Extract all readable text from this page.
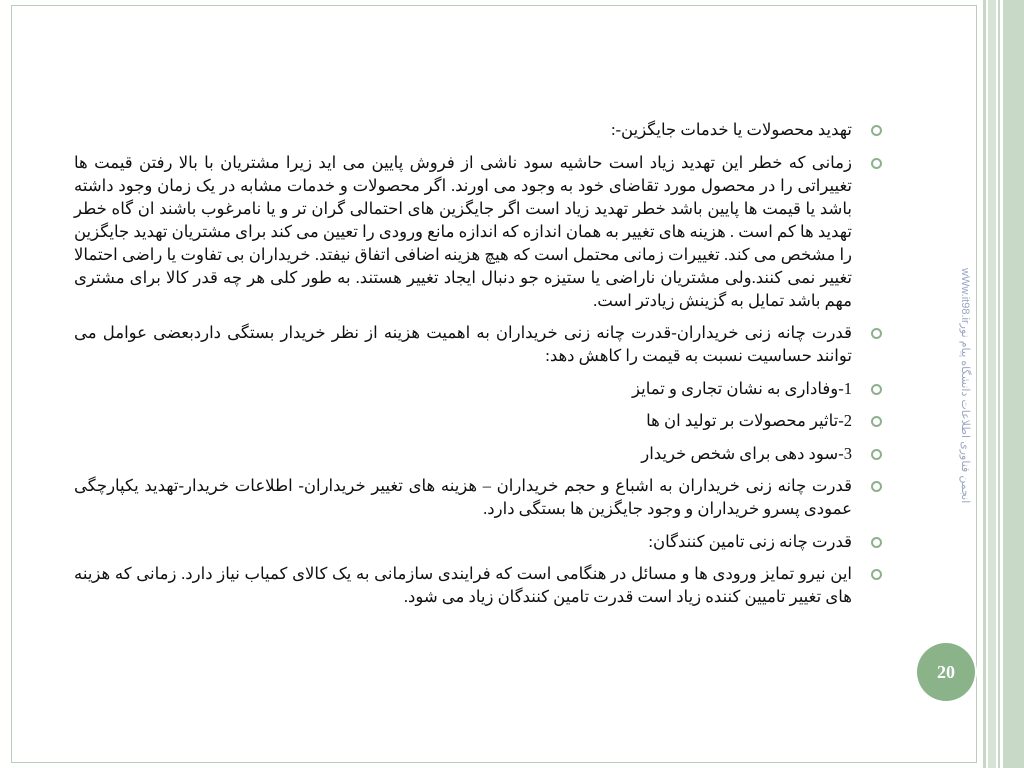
wWw.it98.irانجمن فناوری اطلاعات دانشگاه پیام نور
20
تهدید محصولات یا خدمات جایگزین-:
زمانی که خطر این تهدید زیاد است حاشیه سود ناشی از فروش پایین می اید زیرا مشتریان با بالا رفتن قیمت ها تغییراتی را در محصول مورد تقاضای خود به وجود می اورند. اگر محصولات و خدمات مشابه در یک زمان وجود داشته باشد یا قیمت ها پایین باشد خطر تهدید زیاد است اگر جایگزین های احتمالی گران تر و یا نامرغوب باشند ان گاه خطر تهدید ها کم است . هزینه های تغییر به همان اندازه که اندازه مانع ورودی را تعیین می کند برای مشتریان تهدید جایگزین را مشخص می کند. تغییرات زمانی محتمل است که هیچ هزینه اضافی اتفاق نیفتد. خریداران بی تفاوت یا راضی احتمالا تغییر نمی کنند.ولی مشتریان ناراضی یا ستیزه جو دنبال ایجاد تغییر هستند. به طور کلی هر چه قدر کالا برای مشتری مهم باشد تمایل به گزینش زیادتر است.
قدرت چانه زنی خریداران-قدرت چانه زنی خریداران به اهمیت هزینه از نظر خریدار بستگی داردبعضی عوامل می توانند حساسیت نسبت به قیمت را کاهش دهد:
1-وفاداری به نشان تجاری و تمایز
2-تاثیر محصولات بر تولید ان ها
3-سود دهی برای شخص خریدار
قدرت چانه زنی خریداران به اشباع و حجم خریداران – هزینه های تغییر خریداران- اطلاعات خریدار-تهدید یکپارچگی عمودی پسرو خریداران و وجود جایگزین ها بستگی دارد.
قدرت چانه زنی تامین کنندگان:
این نیرو تمایز ورودی ها و مسائل در هنگامی است که فرایندی سازمانی به یک کالای کمیاب نیاز دارد. زمانی که هزینه های تغییر تامیین کننده زیاد است قدرت تامین کنندگان زیاد می شود.
